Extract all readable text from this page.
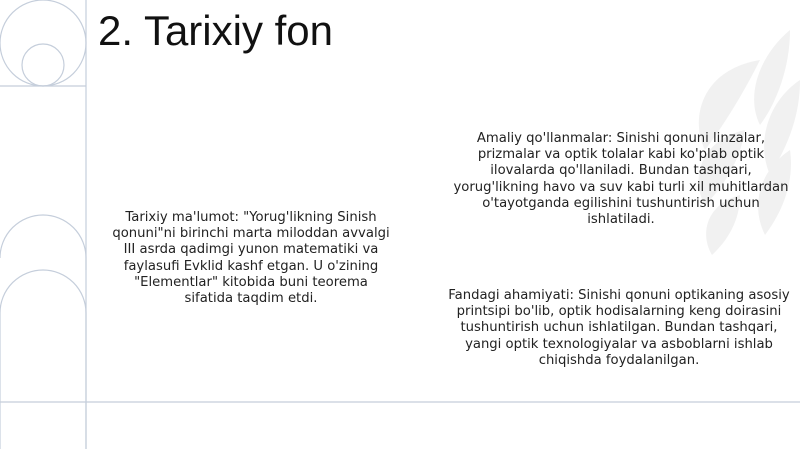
2. Tarixiy fon

Tarixiy ma'lumot: "Yorug'likning Sinish qonuni"ni birinchi marta miloddan avvalgi III asrda qadimgi yunon matematiki va faylasufi Evklid kashf etgan. U o'zining "Elementlar" kitobida buni teorema sifatida taqdim etdi.

Amaliy qo'llanmalar: Sinishi qonuni linzalar, prizmalar va optik tolalar kabi ko'plab optik ilovalarda qo'llaniladi. Bundan tashqari, yorug'likning havo va suv kabi turli xil muhitlardan o'tayotganda egilishini tushuntirish uchun ishlatiladi.

Fandagi ahamiyati: Sinishi qonuni optikaning asosiy printsipi bo'lib, optik hodisalarning keng doirasini tushuntirish uchun ishlatilgan. Bundan tashqari, yangi optik texnologiyalar va asboblarni ishlab chiqishda foydalanilgan.
